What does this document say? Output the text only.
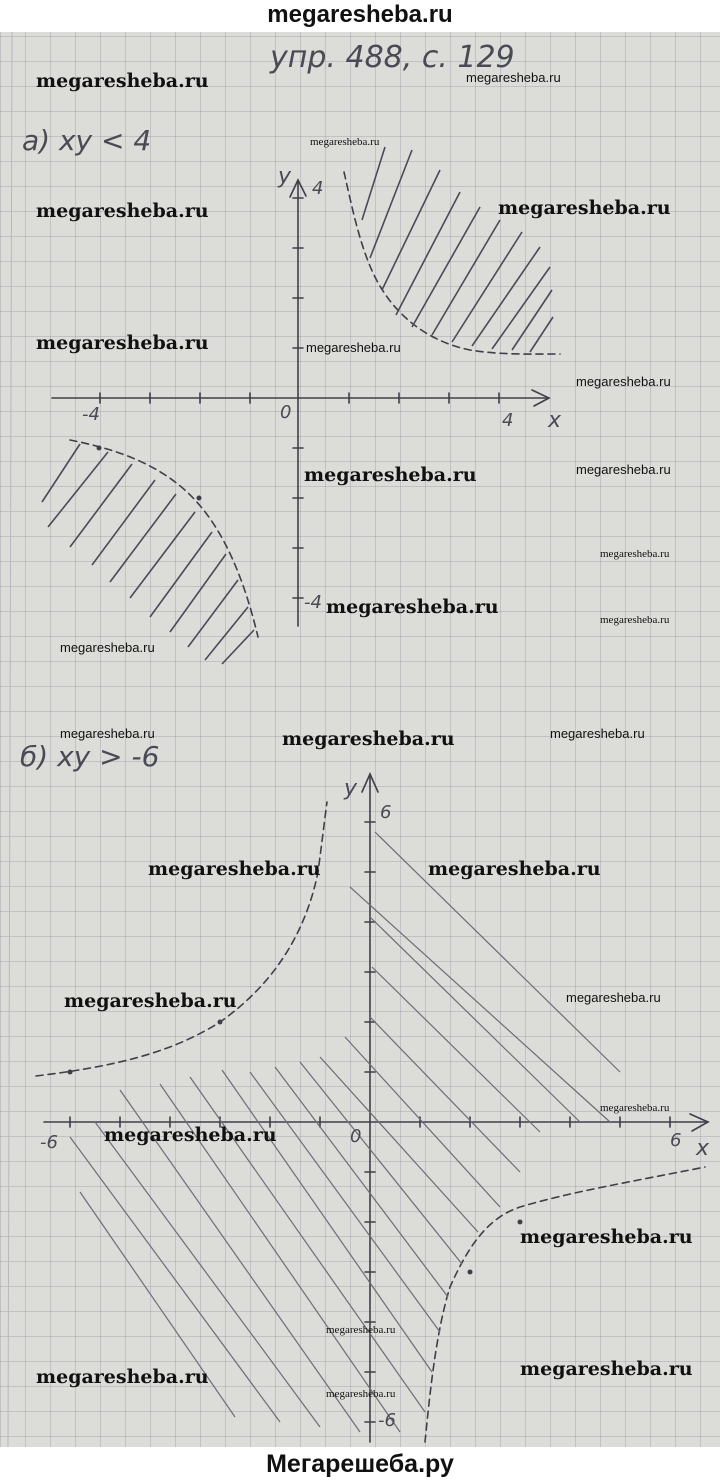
megaresheba.ru
упр. 488, с. 129
а) xy < 4
y 4
-4	0	4 x
-4
б) xy > -6
y
6
-6	0	6 x
-6
megaresheba.ru	megaresheba.ru
megaresheba.ru
megaresheba.ru	megaresheba.ru
megaresheba.ru	megaresheba.ru
megaresheba.ru
megaresheba.ru	megaresheba.ru
megaresheba.ru
megaresheba.ru
megaresheba.ru
megaresheba.ru
megaresheba.ru	megaresheba.ru	megaresheba.ru
megaresheba.ru	megaresheba.ru
megaresheba.ru	megaresheba.ru
megaresheba.ru
megaresheba.ru
megaresheba.ru
megaresheba.ru
megaresheba.ru
megaresheba.ru
megaresheba.ru
Мегарешеба.ру
